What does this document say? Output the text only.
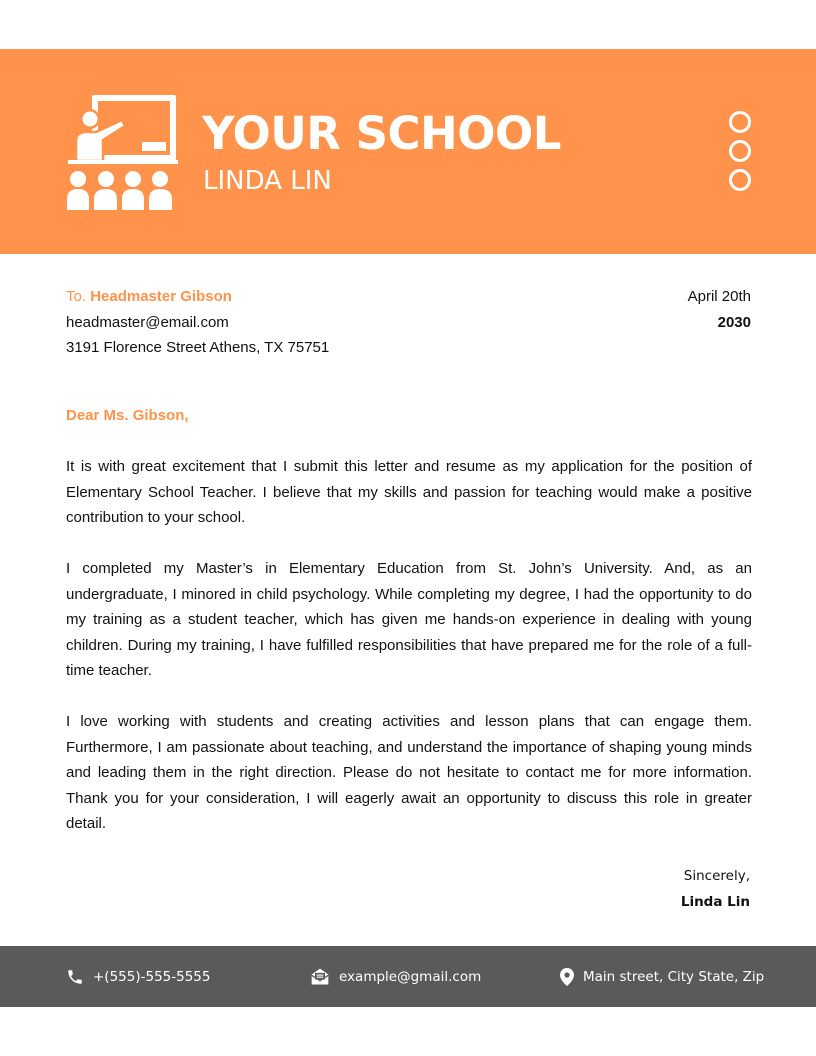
YOUR SCHOOL
LINDA LIN
To. Headmaster Gibson
headmaster@email.com
3191 Florence Street Athens, TX 75751
April 20th
2030
Dear Ms. Gibson,

It is with great excitement that I submit this letter and resume as my application for the position of Elementary School Teacher. I believe that my skills and passion for teaching would make a positive contribution to your school.

I completed my Master’s in Elementary Education from St. John’s University. And, as an undergraduate, I minored in child psychology. While completing my degree, I had the opportunity to do my training as a student teacher, which has given me hands-on experience in dealing with young children. During my training, I have fulfilled responsibilities that have prepared me for the role of a full-time teacher.

I love working with students and creating activities and lesson plans that can engage them. Furthermore, I am passionate about teaching, and understand the importance of shaping young minds and leading them in the right direction. Please do not hesitate to contact me for more information. Thank you for your consideration, I will eagerly await an opportunity to discuss this role in greater detail.

Sincerely,
Linda Lin
+(555)-555-5555	example@gmail.com	Main street, City State, Zip
